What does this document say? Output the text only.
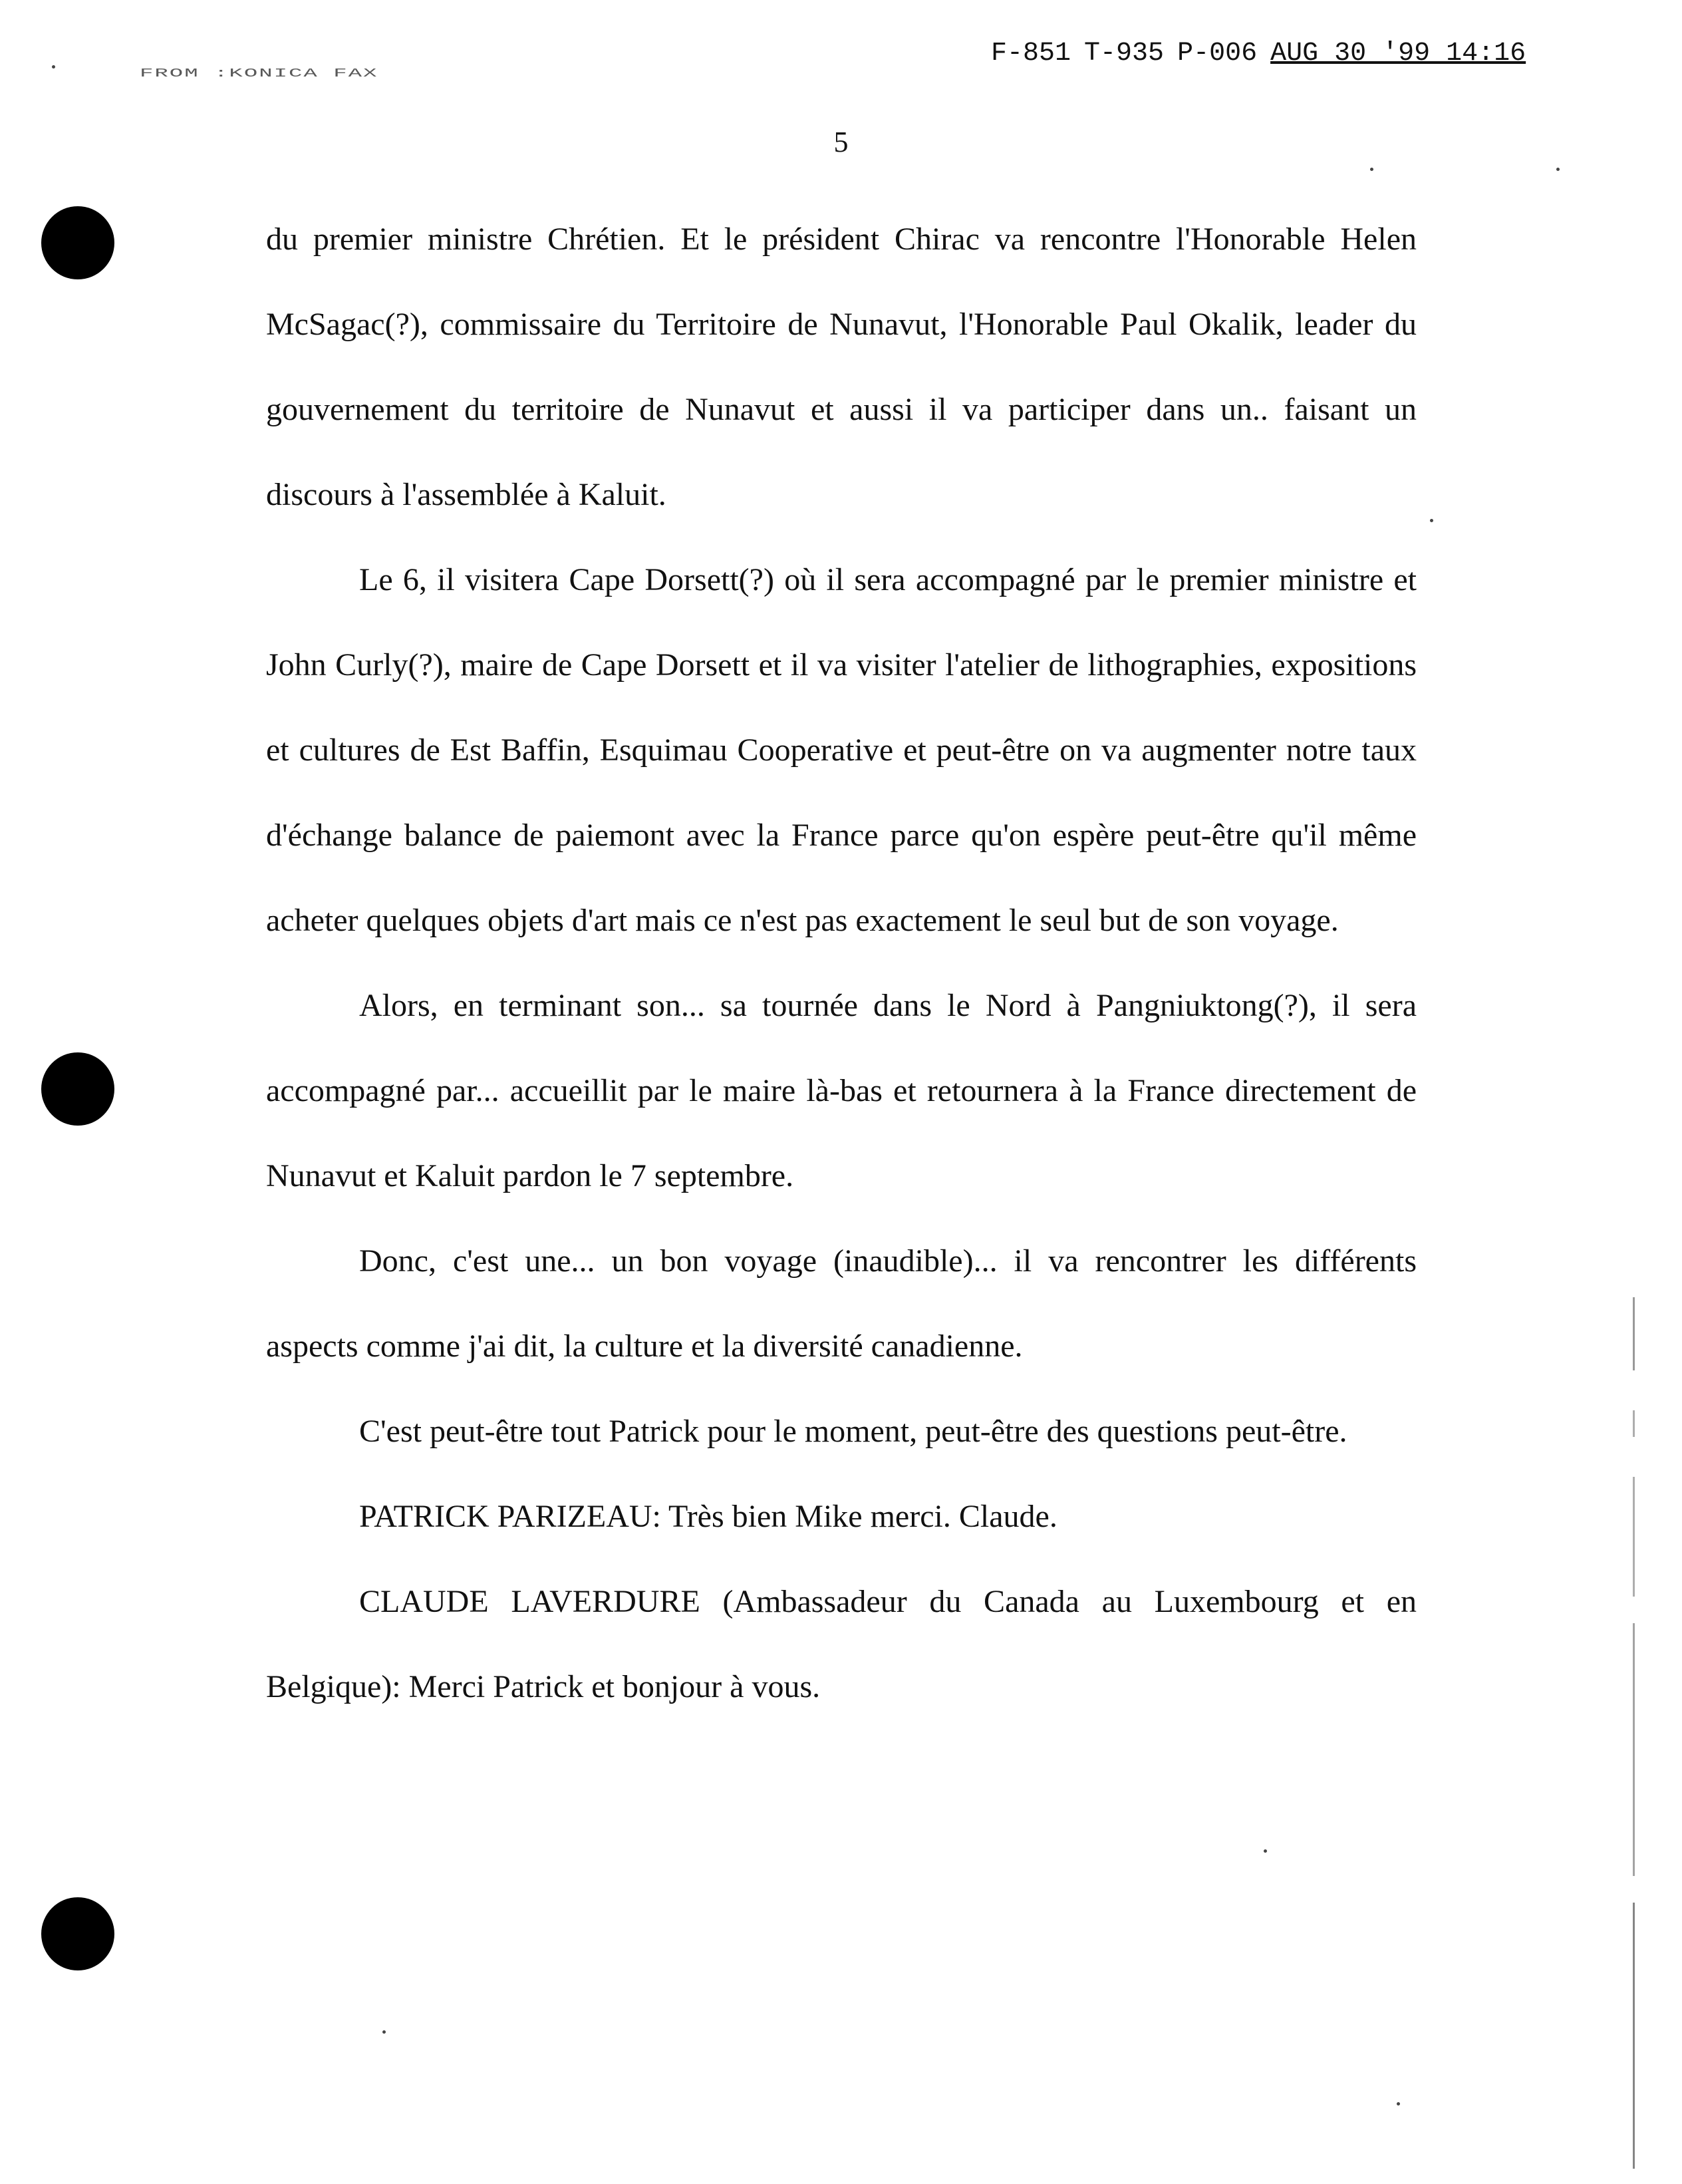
FROM :KONICA FAX
F-851 T-935 P-006 AUG 30 '99 14:16
5

du premier ministre Chrétien. Et le président Chirac va rencontre l'Honorable Helen McSagac(?), commissaire du Territoire de Nunavut, l'Honorable Paul Okalik, leader du gouvernement du territoire de Nunavut et aussi il va participer dans un.. faisant un discours à l'assemblée à Kaluit.

Le 6, il visitera Cape Dorsett(?) où il sera accompagné par le premier ministre et John Curly(?), maire de Cape Dorsett et il va visiter l'atelier de lithographies, expositions et cultures de Est Baffin, Esquimau Cooperative et peut-être on va augmenter notre taux d'échange balance de paiemont avec la France parce qu'on espère peut-être qu'il même acheter quelques objets d'art mais ce n'est pas exactement le seul but de son voyage.

Alors, en terminant son... sa tournée dans le Nord à Pangniuktong(?), il sera accompagné par... accueillit par le maire là-bas et retournera à la France directement de Nunavut et Kaluit pardon le 7 septembre.

Donc, c'est une... un bon voyage (inaudible)... il va rencontrer les différents aspects comme j'ai dit, la culture et la diversité canadienne.

C'est peut-être tout Patrick pour le moment, peut-être des questions peut-être.

PATRICK PARIZEAU: Très bien Mike merci. Claude.

CLAUDE LAVERDURE (Ambassadeur du Canada au Luxembourg et en Belgique): Merci Patrick et bonjour à vous.
